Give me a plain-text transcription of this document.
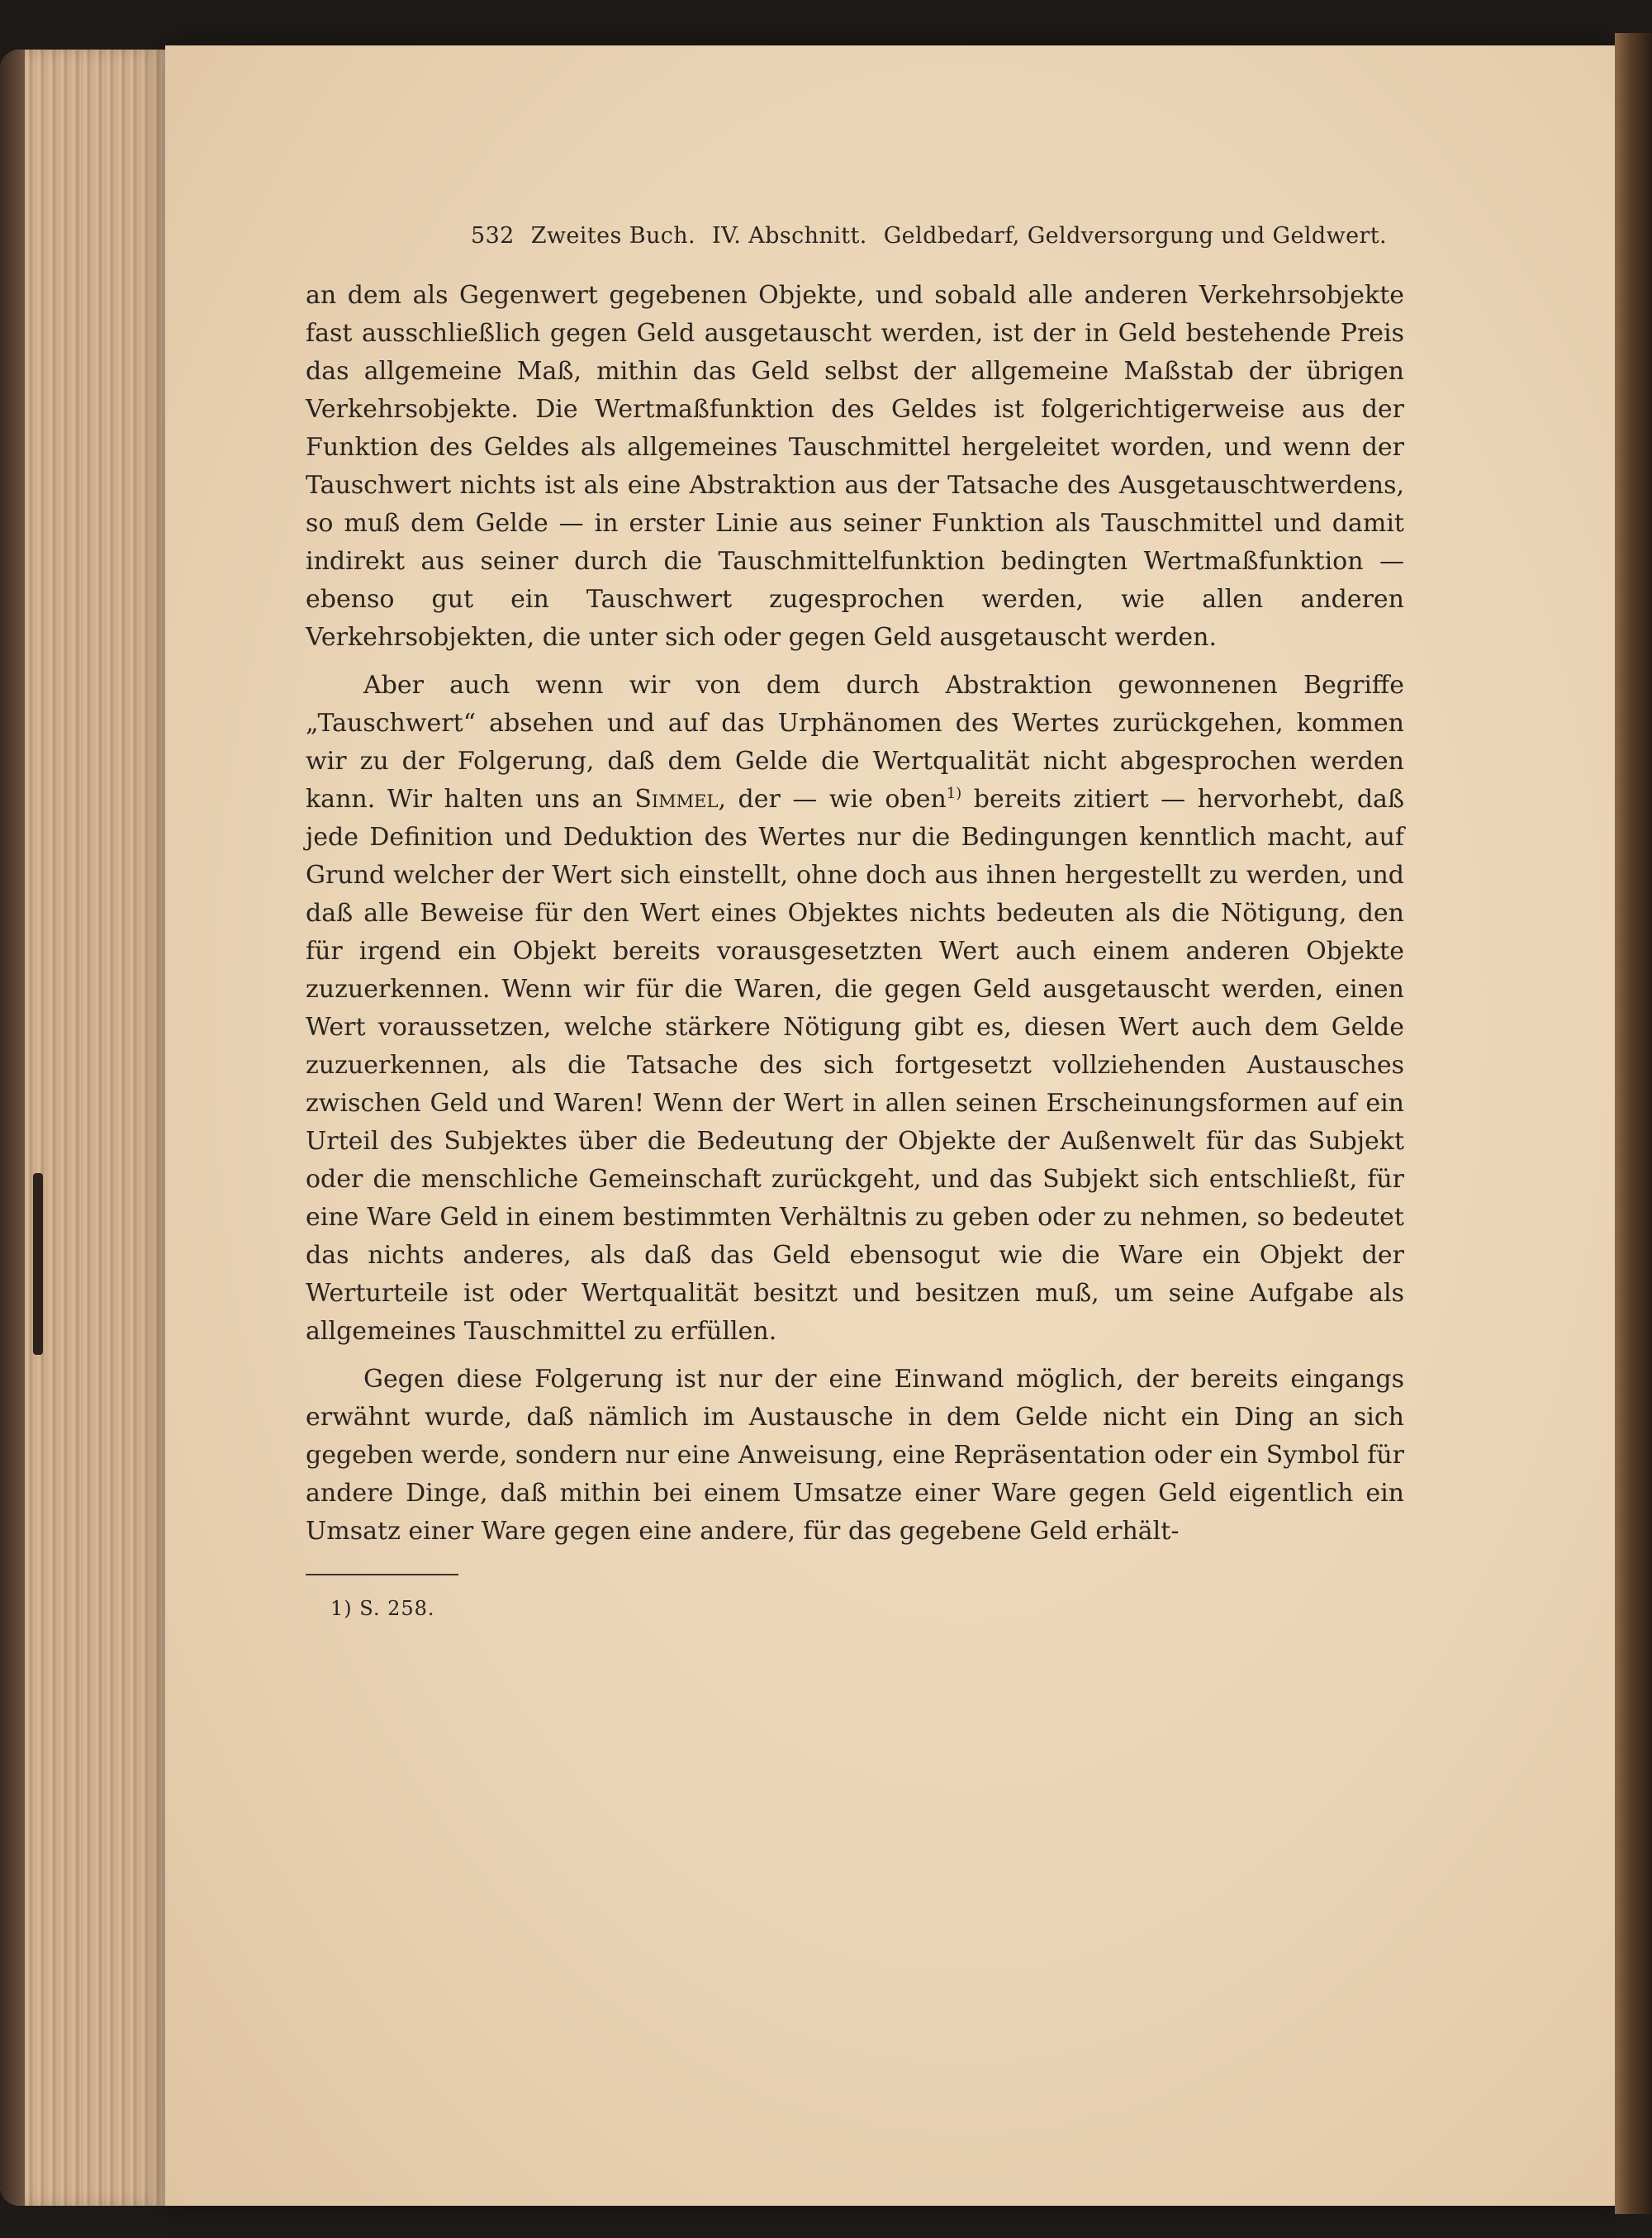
532 Zweites Buch. IV. Abschnitt. Geldbedarf, Geldversorgung und Geldwert.

an dem als Gegenwert gegebenen Objekte, und sobald alle anderen Verkehrsobjekte fast ausschließlich gegen Geld ausgetauscht werden, ist der in Geld bestehende Preis das allgemeine Maß, mithin das Geld selbst der allgemeine Maßstab der übrigen Verkehrsobjekte. Die Wertmaßfunktion des Geldes ist folgerichtigerweise aus der Funktion des Geldes als allgemeines Tauschmittel hergeleitet worden, und wenn der Tauschwert nichts ist als eine Abstraktion aus der Tatsache des Ausgetauschtwerdens, so muß dem Gelde — in erster Linie aus seiner Funktion als Tauschmittel und damit indirekt aus seiner durch die Tauschmittelfunktion bedingten Wertmaßfunktion — ebenso gut ein Tauschwert zugesprochen werden, wie allen anderen Verkehrsobjekten, die unter sich oder gegen Geld ausgetauscht werden.

Aber auch wenn wir von dem durch Abstraktion gewonnenen Begriffe „Tauschwert“ absehen und auf das Urphänomen des Wertes zurückgehen, kommen wir zu der Folgerung, daß dem Gelde die Wertqualität nicht abgesprochen werden kann. Wir halten uns an Simmel, der — wie oben$^{1)}$ bereits zitiert — hervorhebt, daß jede Definition und Deduktion des Wertes nur die Bedingungen kenntlich macht, auf Grund welcher der Wert sich einstellt, ohne doch aus ihnen hergestellt zu werden, und daß alle Beweise für den Wert eines Objektes nichts bedeuten als die Nötigung, den für irgend ein Objekt bereits vorausgesetzten Wert auch einem anderen Objekte zuzuerkennen. Wenn wir für die Waren, die gegen Geld ausgetauscht werden, einen Wert voraussetzen, welche stärkere Nötigung gibt es, diesen Wert auch dem Gelde zuzuerkennen, als die Tatsache des sich fortgesetzt vollziehenden Austausches zwischen Geld und Waren! Wenn der Wert in allen seinen Erscheinungsformen auf ein Urteil des Subjektes über die Bedeutung der Objekte der Außenwelt für das Subjekt oder die menschliche Gemeinschaft zurückgeht, und das Subjekt sich entschließt, für eine Ware Geld in einem bestimmten Verhältnis zu geben oder zu nehmen, so bedeutet das nichts anderes, als daß das Geld ebensogut wie die Ware ein Objekt der Werturteile ist oder Wertqualität besitzt und besitzen muß, um seine Aufgabe als allgemeines Tauschmittel zu erfüllen.

Gegen diese Folgerung ist nur der eine Einwand möglich, der bereits eingangs erwähnt wurde, daß nämlich im Austausche in dem Gelde nicht ein Ding an sich gegeben werde, sondern nur eine Anweisung, eine Repräsentation oder ein Symbol für andere Dinge, daß mithin bei einem Umsatze einer Ware gegen Geld eigentlich ein Umsatz einer Ware gegen eine andere, für das gegebene Geld erhält-

1) S. 258.
